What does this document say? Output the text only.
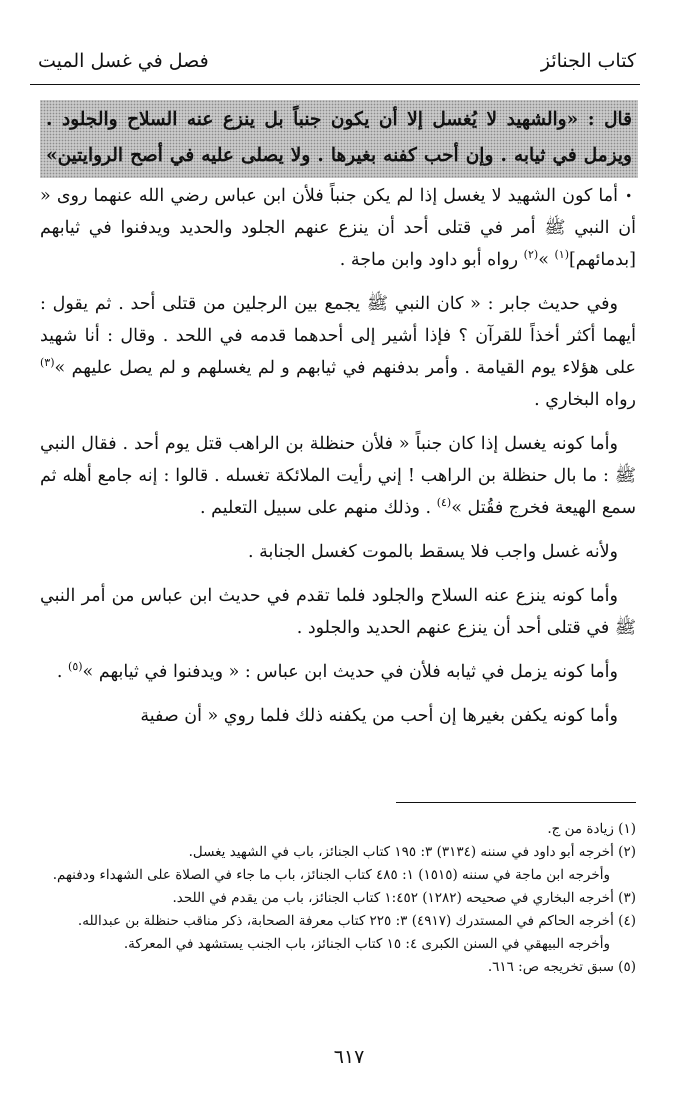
كتاب الجنائز
فصل في غسل الميت
قال : «والشهيد لا يُغسل إلا أن يكون جنباً بل ينزع عنه السلاح والجلود . ويزمل في ثيابه . وإن أحب كفنه بغيرها . ولا يصلى عليه في أصح الروايتين» .

أما كون الشهيد لا يغسل إذا لم يكن جنباً فلأن ابن عباس رضي الله عنهما روى « أن النبي ﷺ أمر في قتلى أحد أن ينزع عنهم الجلود والحديد ويدفنوا في ثيابهم [بدمائهم]$^{(١)}$ »$^{(٢)}$ رواه أبو داود وابن ماجة .

وفي حديث جابر : « كان النبي ﷺ يجمع بين الرجلين من قتلى أحد . ثم يقول : أيهما أكثر أخذاً للقرآن ؟ فإذا أشير إلى أحدهما قدمه في اللحد . وقال : أنا شهيد على هؤلاء يوم القيامة . وأمر بدفنهم في ثيابهم و لم يغسلهم و لم يصل عليهم »$^{(٣)}$ رواه البخاري .

وأما كونه يغسل إذا كان جنباً « فلأن حنظلة بن الراهب قتل يوم أحد . فقال النبي ﷺ : ما بال حنظلة بن الراهب ! إني رأيت الملائكة تغسله . قالوا : إنه جامع أهله ثم سمع الهيعة فخرج فقُتل »$^{(٤)}$ . وذلك منهم على سبيل التعليم .

ولأنه غسل واجب فلا يسقط بالموت كغسل الجنابة .

وأما كونه ينزع عنه السلاح والجلود فلما تقدم في حديث ابن عباس من أمر النبي ﷺ في قتلى أحد أن ينزع عنهم الحديد والجلود .

وأما كونه يزمل في ثيابه فلأن في حديث ابن عباس : « ويدفنوا في ثيابهم »$^{(٥)}$ .

وأما كونه يكفن بغيرها إن أحب من يكفنه ذلك فلما روي « أن صفية

(١) زيادة من ج.

(٢) أخرجه أبو داود في سننه (٣١٣٤) ٣: ١٩٥ كتاب الجنائز، باب في الشهيد يغسل.

وأخرجه ابن ماجة في سننه (١٥١٥) ١: ٤٨٥ كتاب الجنائز، باب ما جاء في الصلاة على الشهداء ودفنهم.

(٣) أخرجه البخاري في صحيحه (١٢٨٢) ١:٤٥٢ كتاب الجنائز، باب من يقدم في اللحد.

(٤) أخرجه الحاكم في المستدرك (٤٩١٧) ٣: ٢٢٥ كتاب معرفة الصحابة، ذكر مناقب حنظلة بن عبدالله.

وأخرجه البيهقي في السنن الكبرى ٤: ١٥ كتاب الجنائز، باب الجنب يستشهد في المعركة.

(٥) سبق تخريجه ص: ٦١٦.

٦١٧
